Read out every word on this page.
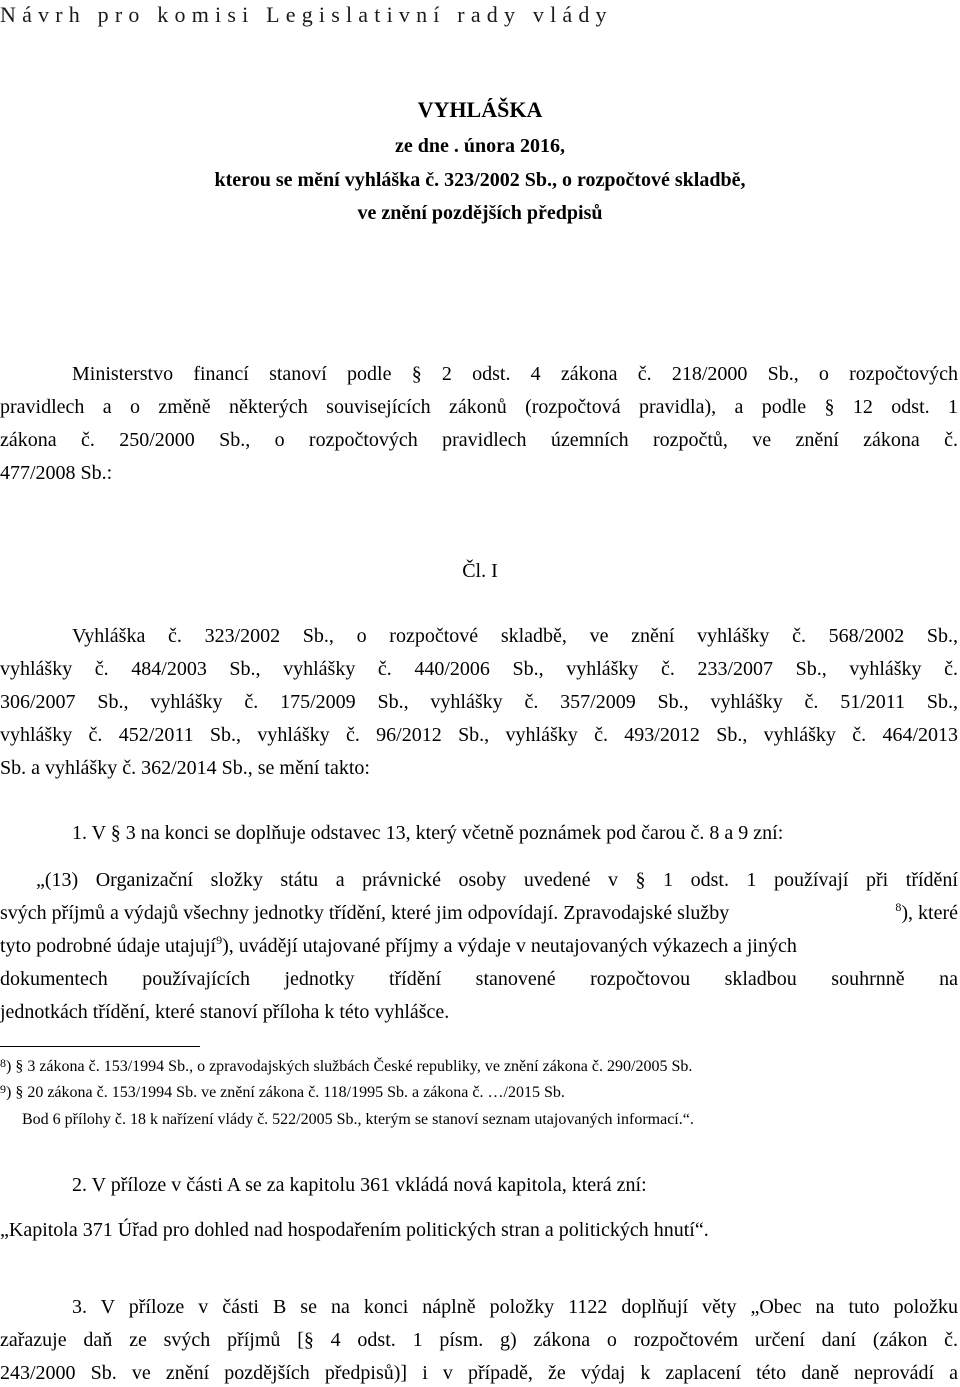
Návrh pro komisi Legislativní rady vlády
VYHLÁŠKA
ze dne . února 2016,
kterou se mění vyhláška č. 323/2002 Sb., o rozpočtové skladbě,
ve znění pozdějších předpisů
Ministerstvo financí stanoví podle § 2 odst. 4 zákona č. 218/2000 Sb., o rozpočtových
pravidlech a o změně některých souvisejících zákonů (rozpočtová pravidla), a podle § 12 odst. 1
zákona č. 250/2000 Sb., o rozpočtových pravidlech územních rozpočtů, ve znění zákona č.
477/2008 Sb.:
Čl. I
Vyhláška č. 323/2002 Sb., o rozpočtové skladbě, ve znění vyhlášky č. 568/2002 Sb.,
vyhlášky č. 484/2003 Sb., vyhlášky č. 440/2006 Sb., vyhlášky č. 233/2007 Sb., vyhlášky č.
306/2007 Sb., vyhlášky č. 175/2009 Sb., vyhlášky č. 357/2009 Sb., vyhlášky č. 51/2011 Sb.,
vyhlášky č. 452/2011 Sb., vyhlášky č. 96/2012 Sb., vyhlášky č. 493/2012 Sb., vyhlášky č. 464/2013
Sb. a vyhlášky č. 362/2014 Sb., se mění takto:
1. V § 3 na konci se doplňuje odstavec 13, který včetně poznámek pod čarou č. 8 a 9 zní:
„(13) Organizační složky státu a právnické osoby uvedené v § 1 odst. 1 používají při třídění
svých příjmů a výdajů všechny jednotky třídění, které jim odpovídají. Zpravodajské služby	$^8$), které
tyto podrobné údaje utajují$^9$ ), uvádějí utajované příjmy a výdaje v neutajovaných výkazech a jiných
dokumentech používajících jednotky třídění stanovené rozpočtovou skladbou souhrnně na
jednotkách třídění, které stanoví příloha k této vyhlášce.
$^8$) § 3 zákona č. 153/1994 Sb., o zpravodajských službách České republiky, ve znění zákona č. 290/2005 Sb.
$^9$) § 20 zákona č. 153/1994 Sb. ve znění zákona č. 118/1995 Sb. a zákona č. …/2015 Sb.
Bod 6 přílohy č. 18 k nařízení vlády č. 522/2005 Sb., kterým se stanoví seznam utajovaných informací.“.
2. V příloze v části A se za kapitolu 361 vkládá nová kapitola, která zní:
„Kapitola 371 Úřad pro dohled nad hospodařením politických stran a politických hnutí“.
3. V příloze v části B se na konci náplně položky 1122 doplňují věty „Obec na tuto položku
zařazuje daň ze svých příjmů [§ 4 odst. 1 písm. g) zákona o rozpočtovém určení daní (zákon č.
243/2000 Sb. ve znění pozdějších předpisů)] i v případě, že výdaj k zaplacení této daně neprovádí a
